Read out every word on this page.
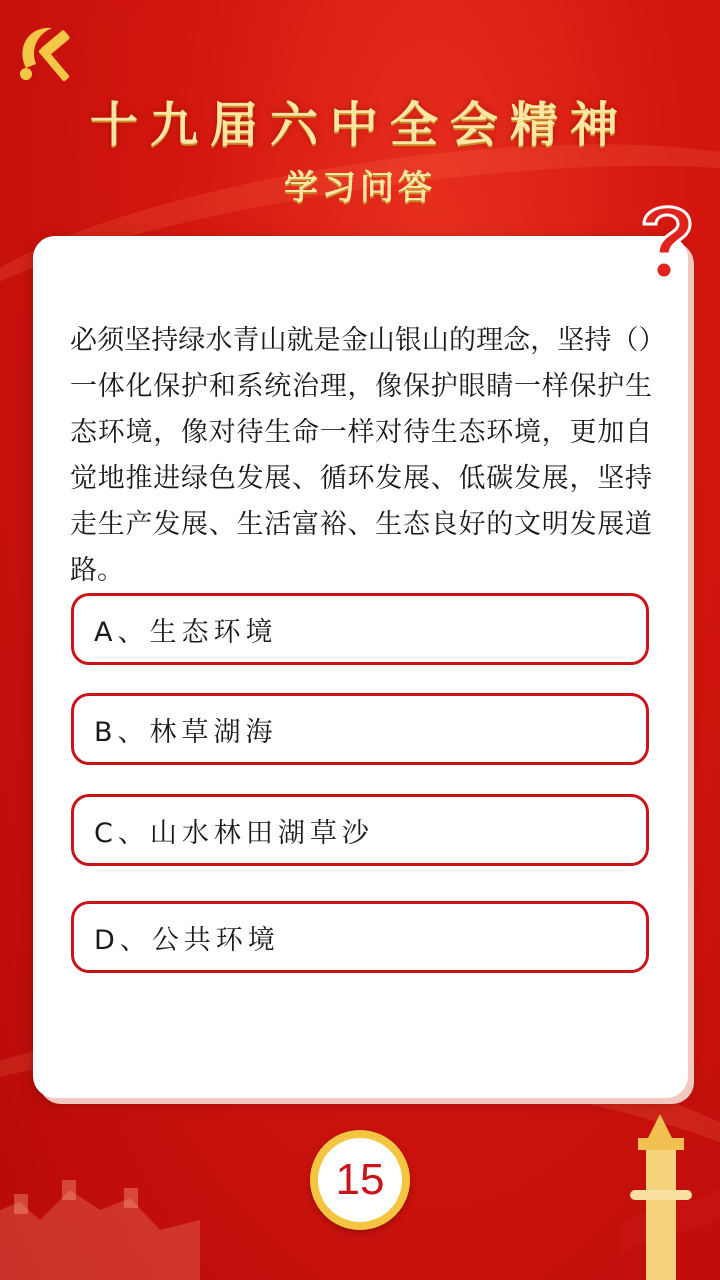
十九届六中全会精神
学习问答
必须坚持绿水青山就是金山银山的理念，坚持（）一体化保护和系统治理，像保护眼睛一样保护生态环境，像对待生命一样对待生态环境，更加自觉地推进绿色发展、循环发展、低碳发展，坚持走生产发展、生活富裕、生态良好的文明发展道路。
A、生态环境
B、林草湖海
C、山水林田湖草沙
D、公共环境
15
